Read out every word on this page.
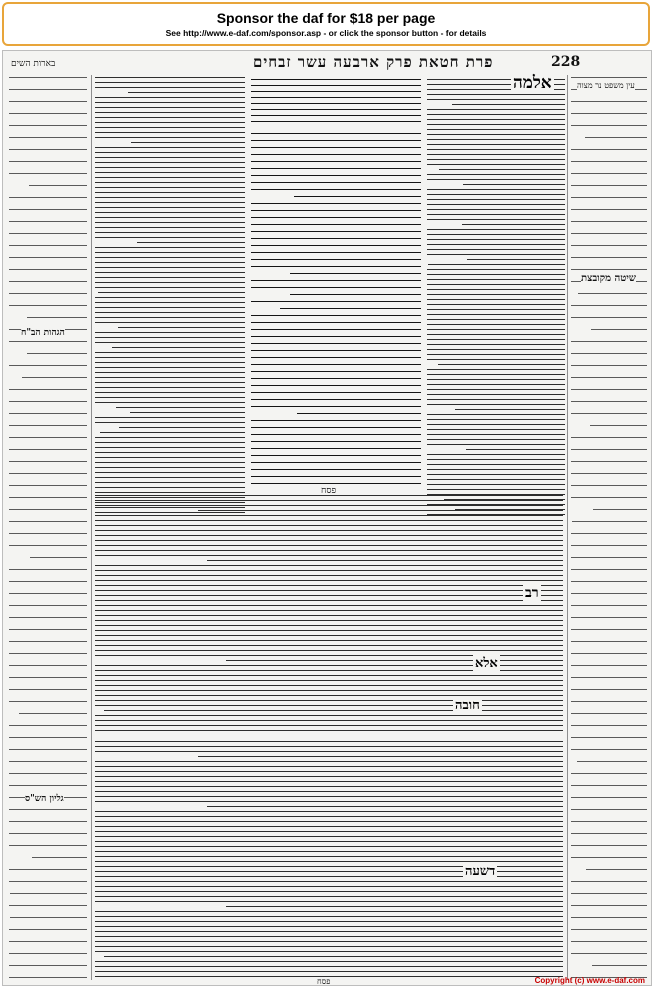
Sponsor the daf for $18 per page
See http://www.e-daf.com/sponsor.asp - or click the sponsor button - for details
בארות השים	פרת חטאת פרק ארבעה עשר זבחים	228
אלמה
רב
אלא
חובה
דשעה
פסח
פסח
עין משפט נר מצוה
שיטה מקובצת
הגהות הב"ח
גליון הש"ס
Copyright (c) www.e-daf.com
